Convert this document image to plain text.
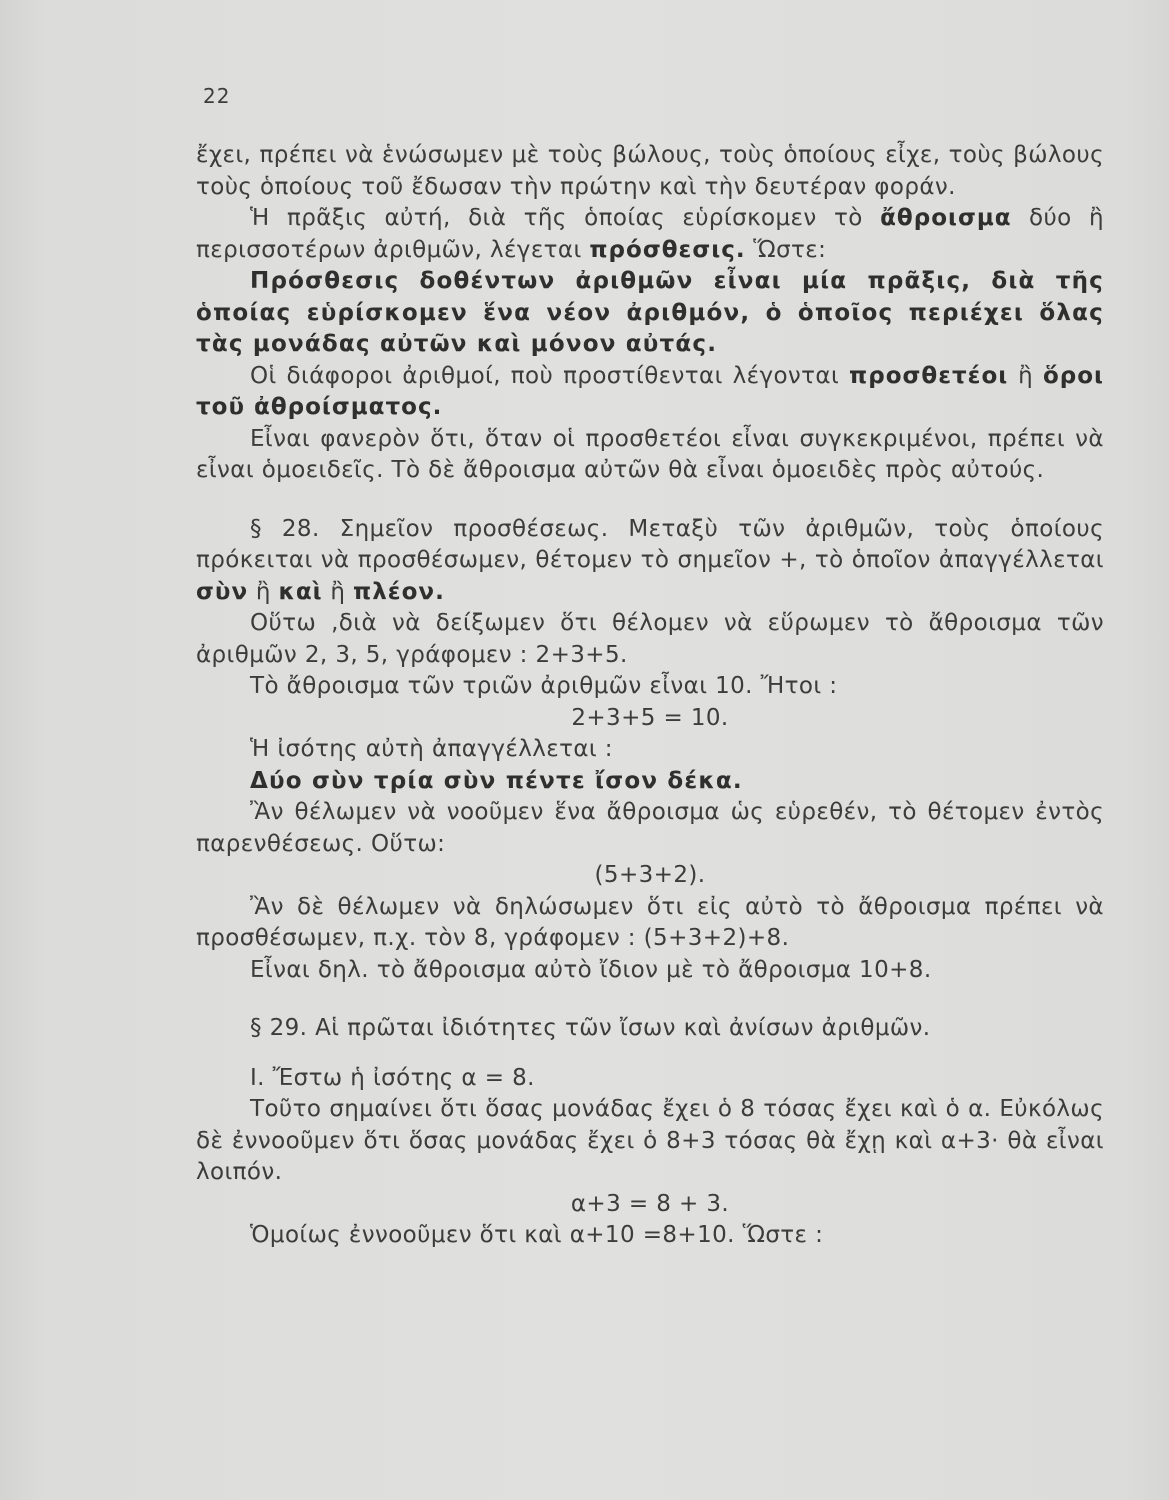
22

ἔχει, πρέπει νὰ ἑνώσωμεν μὲ τοὺς βώλους, τοὺς ὁποίους εἶχε, τοὺς βώλους τοὺς ὁποίους τοῦ ἔδωσαν τὴν πρώτην καὶ τὴν δευτέραν φοράν.

Ἡ πρᾶξις αὐτή, διὰ τῆς ὁποίας εὑρίσκομεν τὸ ἄθροισμα δύο ἢ περισσοτέρων ἀριθμῶν, λέγεται πρόσθεσις. Ὥστε:

Πρόσθεσις δοθέντων ἀριθμῶν εἶναι μία πρᾶξις, διὰ τῆς ὁποίας εὑρίσκομεν ἕνα νέον ἀριθμόν, ὁ ὁποῖος περιέχει ὅλας τὰς μονάδας αὐτῶν καὶ μόνον αὐτάς.

Οἱ διάφοροι ἀριθμοί, ποὺ προστίθενται λέγονται προσθετέοι ἢ ὅροι τοῦ ἀθροίσματος.

Εἶναι φανερὸν ὅτι, ὅταν οἱ προσθετέοι εἶναι συγκεκριμένοι, πρέπει νὰ εἶναι ὁμοειδεῖς. Τὸ δὲ ἄθροισμα αὐτῶν θὰ εἶναι ὁμοειδὲς πρὸς αὐτούς.

§ 28. Σημεῖον προσθέσεως. Μεταξὺ τῶν ἀριθμῶν, τοὺς ὁποίους πρόκειται νὰ προσθέσωμεν, θέτομεν τὸ σημεῖον +, τὸ ὁποῖον ἀπαγγέλλεται σὺν ἢ καὶ ἢ πλέον.

Οὕτω ,διὰ νὰ δείξωμεν ὅτι θέλομεν νὰ εὕρωμεν τὸ ἄθροισμα τῶν ἀριθμῶν 2, 3, 5, γράφομεν : 2+3+5.

Τὸ ἄθροισμα τῶν τριῶν ἀριθμῶν εἶναι 10. Ἤτοι :

2+3+5 = 10.

Ἡ ἰσότης αὐτὴ ἀπαγγέλλεται :

Δύο σὺν τρία σὺν πέντε ἴσον δέκα.

Ἂν θέλωμεν νὰ νοοῦμεν ἕνα ἄθροισμα ὡς εὑρεθέν, τὸ θέτομεν ἐντὸς παρενθέσεως. Οὕτω:

(5+3+2).

Ἂν δὲ θέλωμεν νὰ δηλώσωμεν ὅτι εἰς αὐτὸ τὸ ἄθροισμα πρέπει νὰ προσθέσωμεν, π.χ. τὸν 8, γράφομεν : (5+3+2)+8.

Εἶναι δηλ. τὸ ἄθροισμα αὐτὸ ἴδιον μὲ τὸ ἄθροισμα 10+8.

§ 29. Αἱ πρῶται ἰδιότητες τῶν ἴσων καὶ ἀνίσων ἀριθμῶν.

Ι. Ἔστω ἡ ἰσότης α = 8.

Τοῦτο σημαίνει ὅτι ὅσας μονάδας ἔχει ὁ 8 τόσας ἔχει καὶ ὁ α. Εὐκόλως δὲ ἐννοοῦμεν ὅτι ὅσας μονάδας ἔχει ὁ 8+3 τόσας θὰ ἔχῃ καὶ α+3· θὰ εἶναι λοιπόν.

α+3 = 8 + 3.

Ὁμοίως ἐννοοῦμεν ὅτι καὶ α+10 =8+10. Ὥστε :
